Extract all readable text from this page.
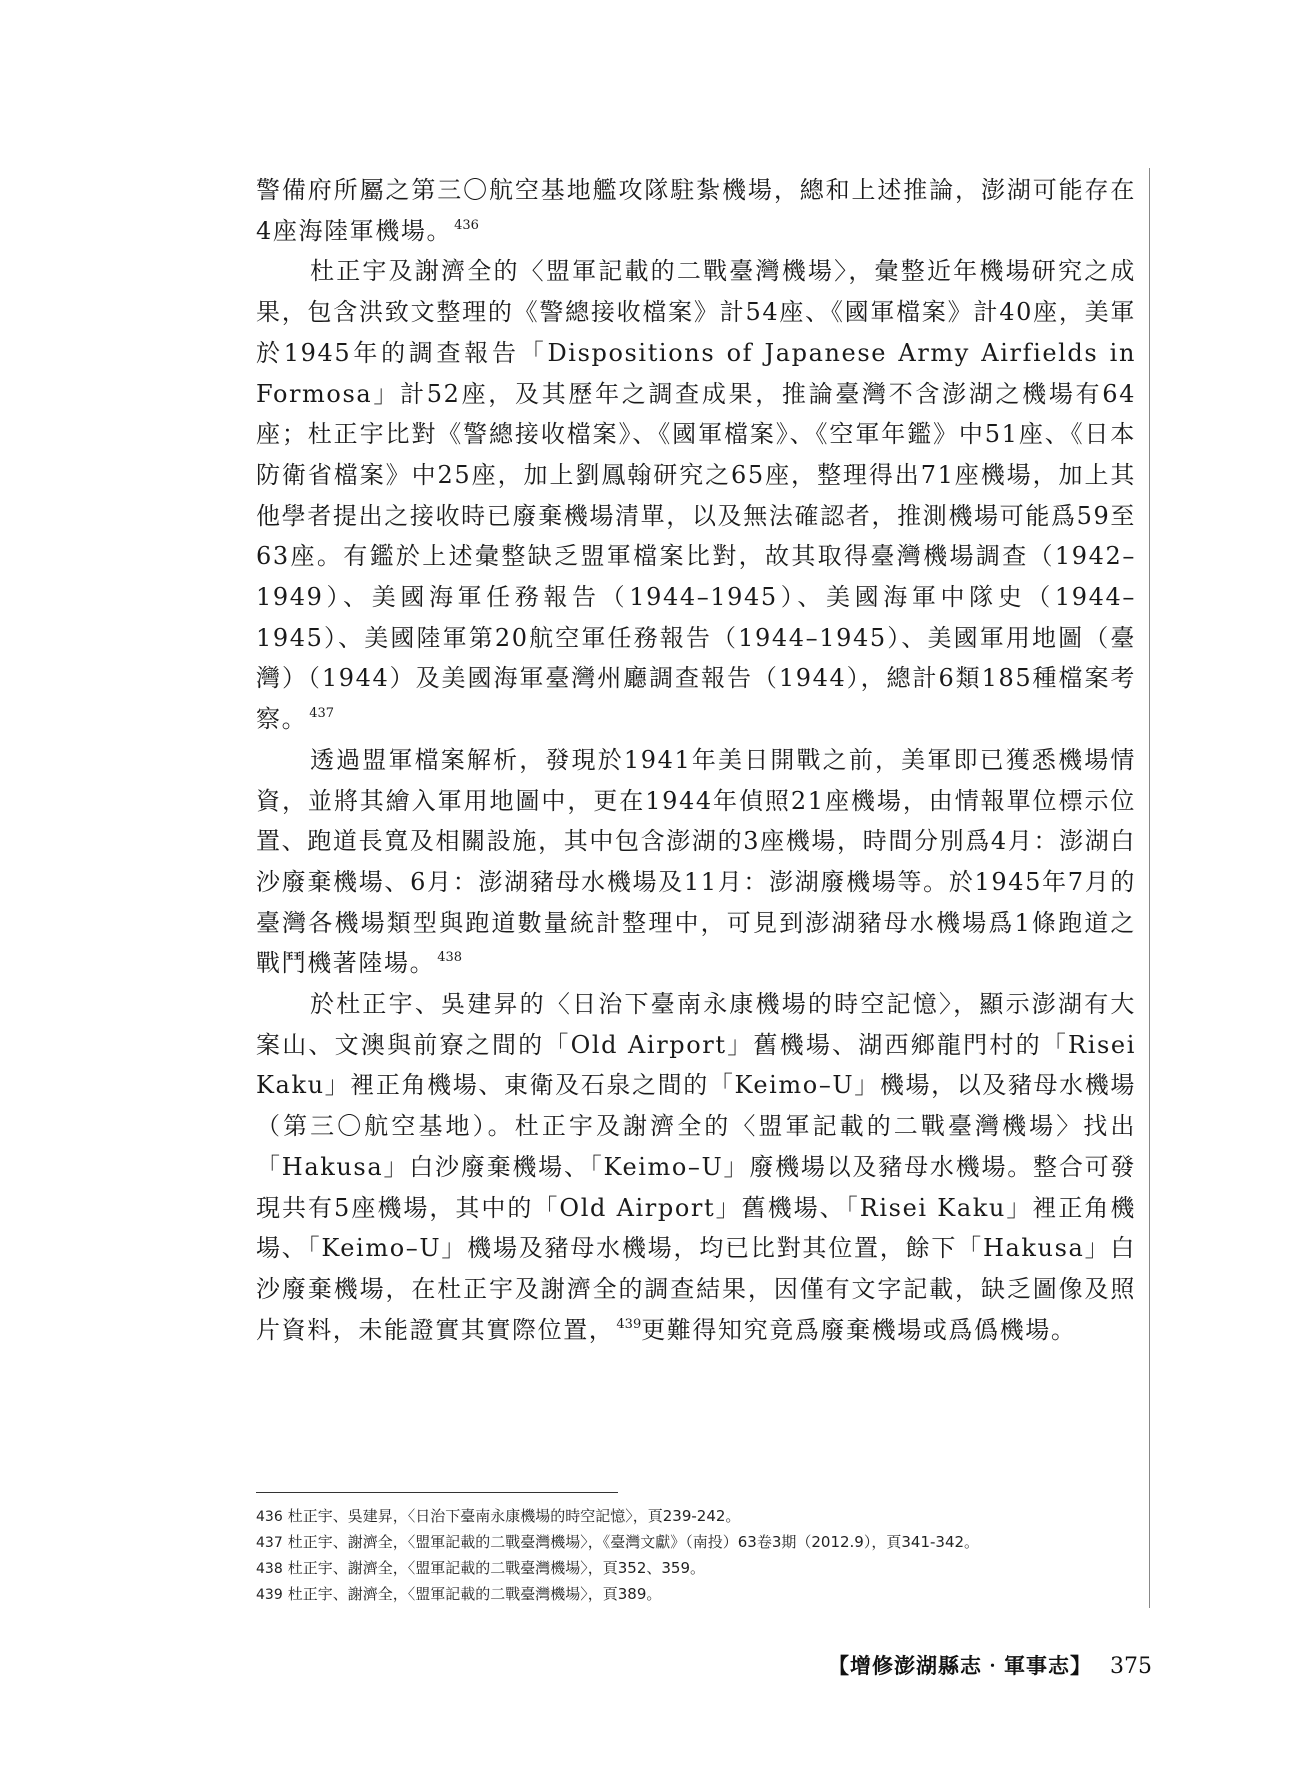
警備府所屬之第三〇航空基地艦攻隊駐紮機場，總和上述推論，澎湖可能存在4座海陸軍機場。 $^{436}$

杜正宇及謝濟全的〈盟軍記載的二戰臺灣機場〉，彙整近年機場研究之成果，包含洪致文整理的《警總接收檔案》計54座、《國軍檔案》計40座，美軍於1945年的調查報告「Dispositions of Japanese Army Airfields in Formosa」計52座，及其歷年之調查成果，推論臺灣不含澎湖之機場有64座；杜正宇比對《警總接收檔案》、《國軍檔案》、《空軍年鑑》中51座、《日本防衛省檔案》中25座，加上劉鳳翰研究之65座，整理得出71座機場，加上其他學者提出之接收時已廢棄機場清單，以及無法確認者，推測機場可能爲59至63座。有鑑於上述彙整缺乏盟軍檔案比對，故其取得臺灣機場調查（1942–1949）、美國海軍任務報告（1944–1945）、美國海軍中隊史（1944–1945）、美國陸軍第20航空軍任務報告（1944–1945）、美國軍用地圖（臺灣）（1944）及美國海軍臺灣州廳調查報告（1944），總計6類185種檔案考察。 $^{437}$

透過盟軍檔案解析，發現於1941年美日開戰之前，美軍即已獲悉機場情資，並將其繪入軍用地圖中，更在1944年偵照21座機場，由情報單位標示位置、跑道長寬及相關設施，其中包含澎湖的3座機場，時間分別爲4月：澎湖白沙廢棄機場、6月：澎湖豬母水機場及11月：澎湖廢機場等。於1945年7月的臺灣各機場類型與跑道數量統計整理中，可見到澎湖豬母水機場爲1條跑道之戰鬥機著陸場。 $^{438}$

於杜正宇、吳建昇的〈日治下臺南永康機場的時空記憶〉，顯示澎湖有大案山、文澳與前寮之間的「Old Airport」舊機場、湖西鄉龍門村的「Risei Kaku」裡正角機場、東衛及石泉之間的「Keimo–U」機場，以及豬母水機場（第三〇航空基地）。杜正宇及謝濟全的〈盟軍記載的二戰臺灣機場〉找出「Hakusa」白沙廢棄機場、「Keimo–U」廢機場以及豬母水機場。整合可發現共有5座機場，其中的「Old Airport」舊機場、「Risei Kaku」裡正角機場、「Keimo–U」機場及豬母水機場，均已比對其位置，餘下「Hakusa」白沙廢棄機場，在杜正宇及謝濟全的調查結果，因僅有文字記載，缺乏圖像及照片資料，未能證實其實際位置， $^{439}$更難得知究竟爲廢棄機場或爲僞機場。

436 杜正宇、吳建昇，〈日治下臺南永康機場的時空記憶〉，頁239-242。
437 杜正宇、謝濟全，〈盟軍記載的二戰臺灣機場〉，《臺灣文獻》（南投）63卷3期（2012.9），頁341-342。
438 杜正宇、謝濟全，〈盟軍記載的二戰臺灣機場〉，頁352、359。
439 杜正宇、謝濟全，〈盟軍記載的二戰臺灣機場〉，頁389。
【增修澎湖縣志‧軍事志】 375
